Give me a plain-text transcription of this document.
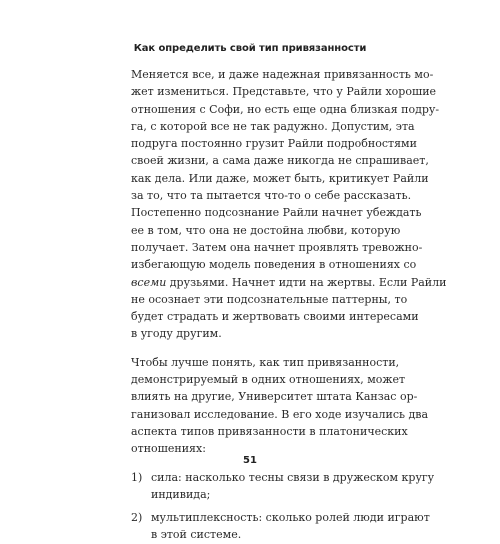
Как определить свой тип привязанности
Меняется все, и даже надежная привязанность мо-
жет измениться. Представьте, что у Райли хорошие
отношения с Софи, но есть еще одна близкая подру-
га, с которой все не так радужно. Допустим, эта
подруга постоянно грузит Райли подробностями
своей жизни, а сама даже никогда не спрашивает,
как дела. Или даже, может быть, критикует Райли
за то, что та пытается что-то о себе рассказать.
Постепенно подсознание Райли начнет убеждать
ее в том, что она не достойна любви, которую
получает. Затем она начнет проявлять тревожно-
избегающую модель поведения в отношениях со
всеми друзьями. Начнет идти на жертвы. Если Райли
не осознает эти подсознательные паттерны, то
будет страдать и жертвовать своими интересами
в угоду другим.
Чтобы лучше понять, как тип привязанности,
демонстрируемый в одних отношениях, может
влиять на другие, Университет штата Канзас ор-
ганизовал исследование. В его ходе изучались два
аспекта типов привязанности в платонических
отношениях:
1) сила: насколько тесны связи в дружеском кругу
индивида;
2) мультиплексность: сколько ролей люди играют
в этой системе.
51
